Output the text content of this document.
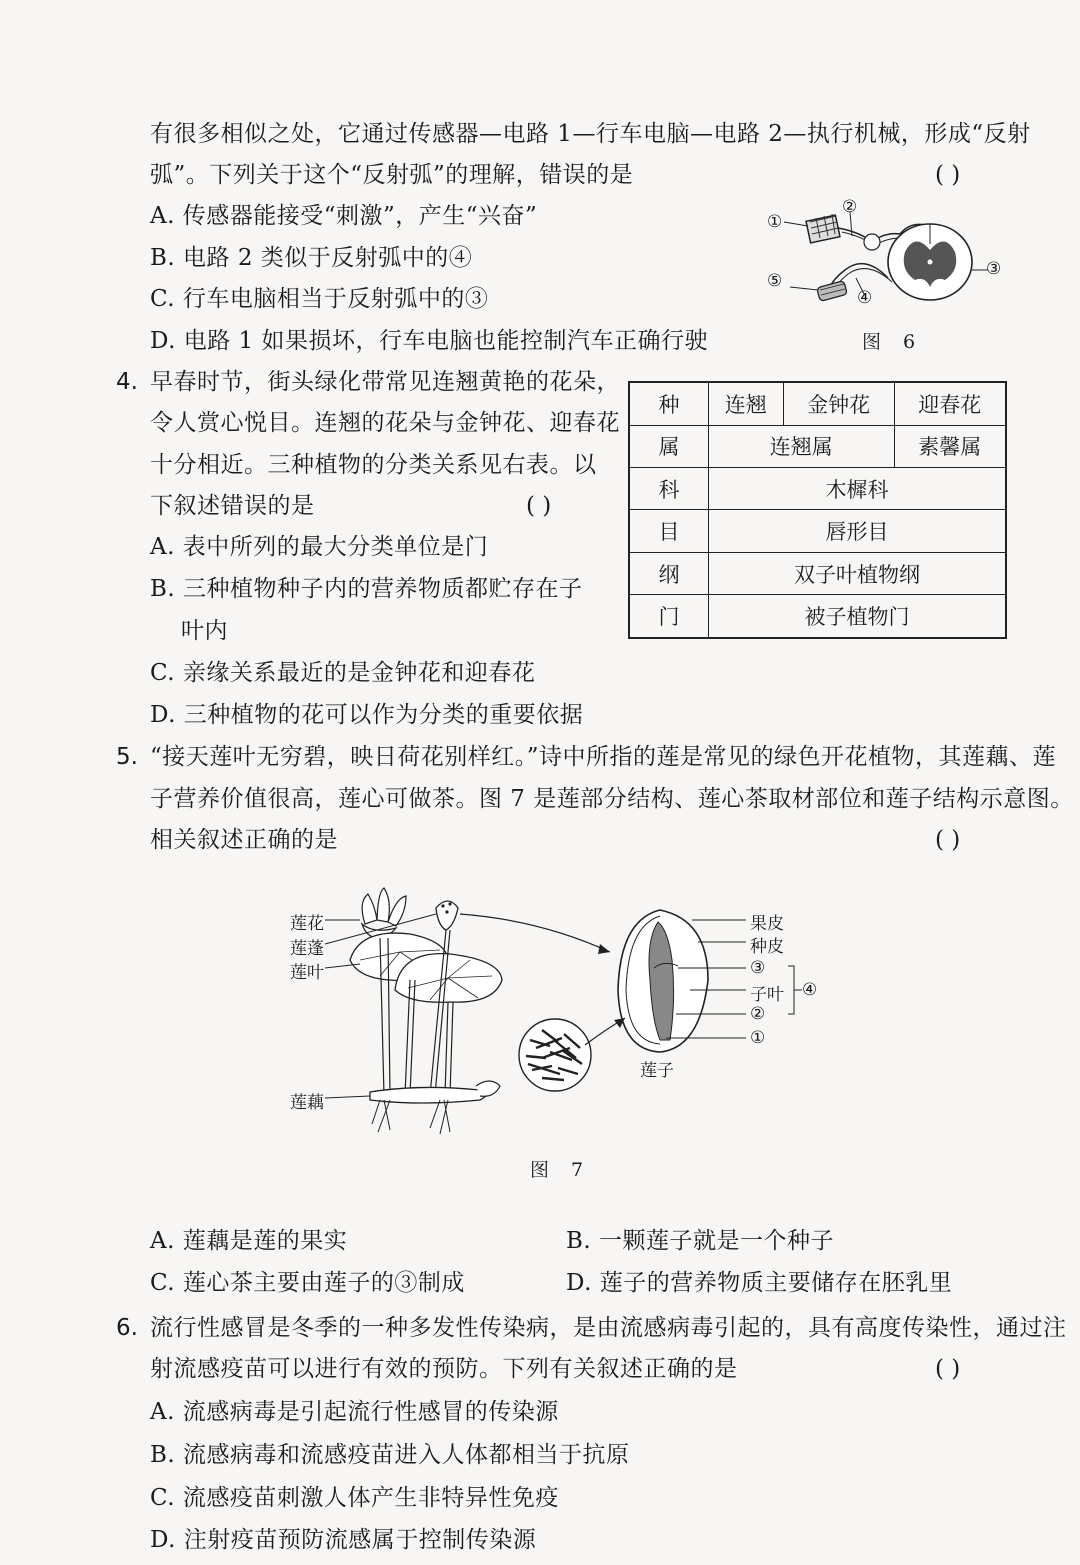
有很多相似之处，它通过传感器—电路 1—行车电脑—电路 2—执行机械，形成“反射
弧”。下列关于这个“反射弧”的理解，错误的是	( )
A. 传感器能接受“刺激”，产生“兴奋”
B. 电路 2 类似于反射弧中的④
C. 行车电脑相当于反射弧中的③
D. 电路 1 如果损坏，行车电脑也能控制汽车正确行驶
①
②
③
④
⑤
图 6
4. 早春时节，街头绿化带常见连翘黄艳的花朵，
令人赏心悦目。连翘的花朵与金钟花、迎春花
十分相近。三种植物的分类关系见右表。以
下叙述错误的是	( )
A. 表中所列的最大分类单位是门
B. 三种植物种子内的营养物质都贮存在子
叶内
C. 亲缘关系最近的是金钟花和迎春花
D. 三种植物的花可以作为分类的重要依据
种	连翘	金钟花	迎春花
属	连翘属		素馨属
科	木樨科		
目	唇形目		
纲	双子叶植物纲		
门	被子植物门		
5. “接天莲叶无穷碧，映日荷花别样红。”诗中所指的莲是常见的绿色开花植物，其莲藕、莲
子营养价值很高，莲心可做茶。图 7 是莲部分结构、莲心茶取材部位和莲子结构示意图。
相关叙述正确的是	( )
莲花
莲蓬
莲叶
莲藕
果皮
种皮
③
子叶
②
①
④
莲子
图 7
A. 莲藕是莲的果实	B. 一颗莲子就是一个种子
C. 莲心茶主要由莲子的③制成	D. 莲子的营养物质主要储存在胚乳里
6. 流行性感冒是冬季的一种多发性传染病，是由流感病毒引起的，具有高度传染性，通过注
射流感疫苗可以进行有效的预防。下列有关叙述正确的是	( )
A. 流感病毒是引起流行性感冒的传染源
B. 流感病毒和流感疫苗进入人体都相当于抗原
C. 流感疫苗刺激人体产生非特异性免疫
D. 注射疫苗预防流感属于控制传染源
